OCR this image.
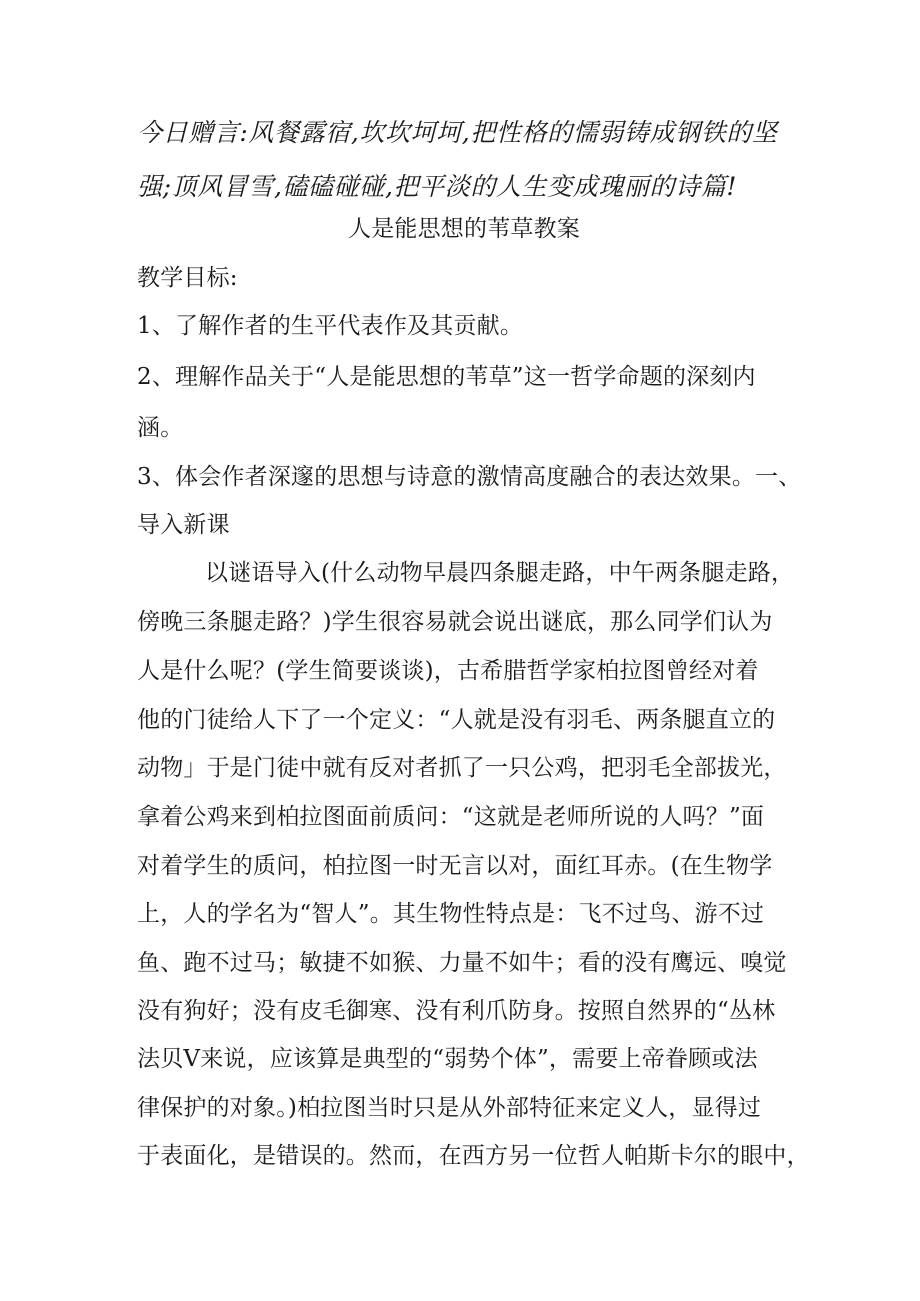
今日赠言:风餐露宿,坎坎坷坷,把性格的懦弱铸成钢铁的坚
强;顶风冒雪,磕磕碰碰,把平淡的人生变成瑰丽的诗篇!
人是能思想的苇草教案
教学目标:
1、了解作者的生平代表作及其贡献。
2、理解作品关于“人是能思想的苇草”这一哲学命题的深刻内
涵。
3、体会作者深邃的思想与诗意的激情高度融合的表达效果。一、
导入新课
以谜语导入(什么动物早晨四条腿走路，中午两条腿走路，
傍晚三条腿走路？)学生很容易就会说出谜底，那么同学们认为
人是什么呢？(学生简要谈谈)，古希腊哲学家柏拉图曾经对着
他的门徒给人下了一个定义：“人就是没有羽毛、两条腿直立的
动物」于是门徒中就有反对者抓了一只公鸡，把羽毛全部拔光，
拿着公鸡来到柏拉图面前质问：“这就是老师所说的人吗？”面
对着学生的质问，柏拉图一时无言以对，面红耳赤。(在生物学
上，人的学名为“智人”。其生物性特点是：飞不过鸟、游不过
鱼、跑不过马；敏捷不如猴、力量不如牛；看的没有鹰远、嗅觉
没有狗好；没有皮毛御寒、没有利爪防身。按照自然界的“丛林
法贝V来说，应该算是典型的“弱势个体”，需要上帝眷顾或法
律保护的对象。)柏拉图当时只是从外部特征来定义人，显得过
于表面化，是错误的。然而，在西方另一位哲人帕斯卡尔的眼中，
